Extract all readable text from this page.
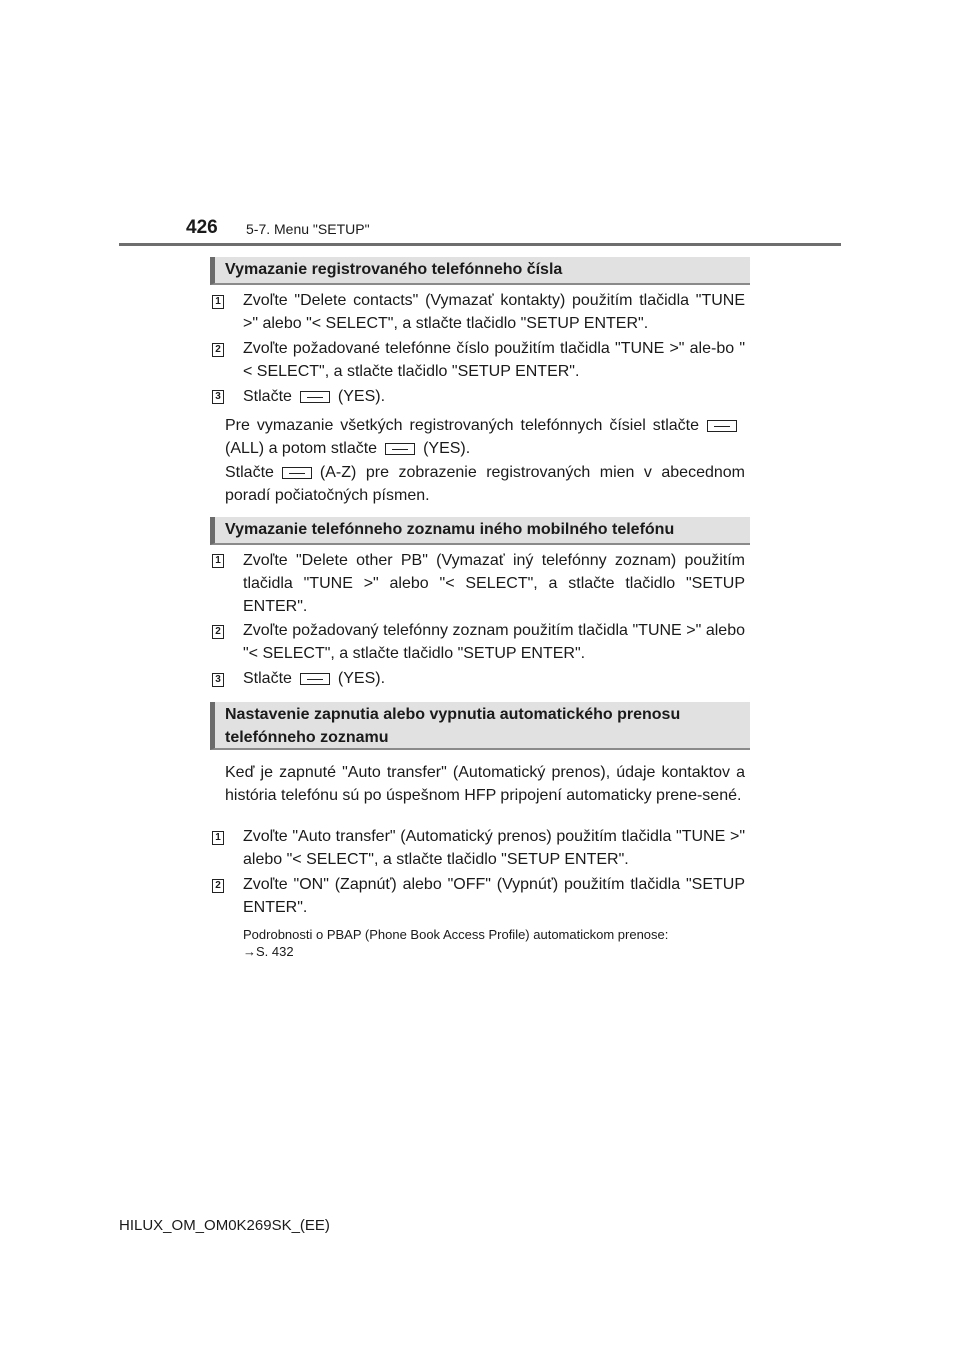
426 5-7. Menu "SETUP"
Vymazanie registrovaného telefónneho čísla
1 Zvoľte "Delete contacts" (Vymazať kontakty) použitím tlačidla "TUNE >" alebo "< SELECT", a stlačte tlačidlo "SETUP ENTER".
2 Zvoľte požadované telefónne číslo použitím tlačidla "TUNE >" ale-bo "< SELECT", a stlačte tlačidlo "SETUP ENTER".
3 Stlačte	(YES).
Pre vymazanie všetkých registrovaných telefónnych čísiel stlačte(ALL) a potom stlačte	(YES).
Stlačte	(A-Z) pre zobrazenie registrovaných mien v abecednom poradí počiatočných písmen.
Vymazanie telefónneho zoznamu iného mobilného telefónu
1 Zvoľte "Delete other PB" (Vymazať iný telefónny zoznam) použitím tlačidla "TUNE >" alebo "< SELECT", a stlačte tlačidlo "SETUP ENTER".
2 Zvoľte požadovaný telefónny zoznam použitím tlačidla "TUNE >" alebo "< SELECT", a stlačte tlačidlo "SETUP ENTER".
3 Stlačte	(YES).
Nastavenie zapnutia alebo vypnutia automatického prenosu
telefónneho zoznamu
Keď je zapnuté "Auto transfer" (Automatický prenos), údaje kontaktov a história telefónu sú po úspešnom HFP pripojení automaticky prene-sené.
1 Zvoľte "Auto transfer" (Automatický prenos) použitím tlačidla "TUNE >" alebo "< SELECT", a stlačte tlačidlo "SETUP ENTER".
2 Zvoľte "ON" (Zapnúť) alebo "OFF" (Vypnúť) použitím tlačidla "SETUP ENTER".
Podrobnosti o PBAP (Phone Book Access Profile) automatickom prenose:
→S. 432
HILUX_OM_OM0K269SK_(EE)
